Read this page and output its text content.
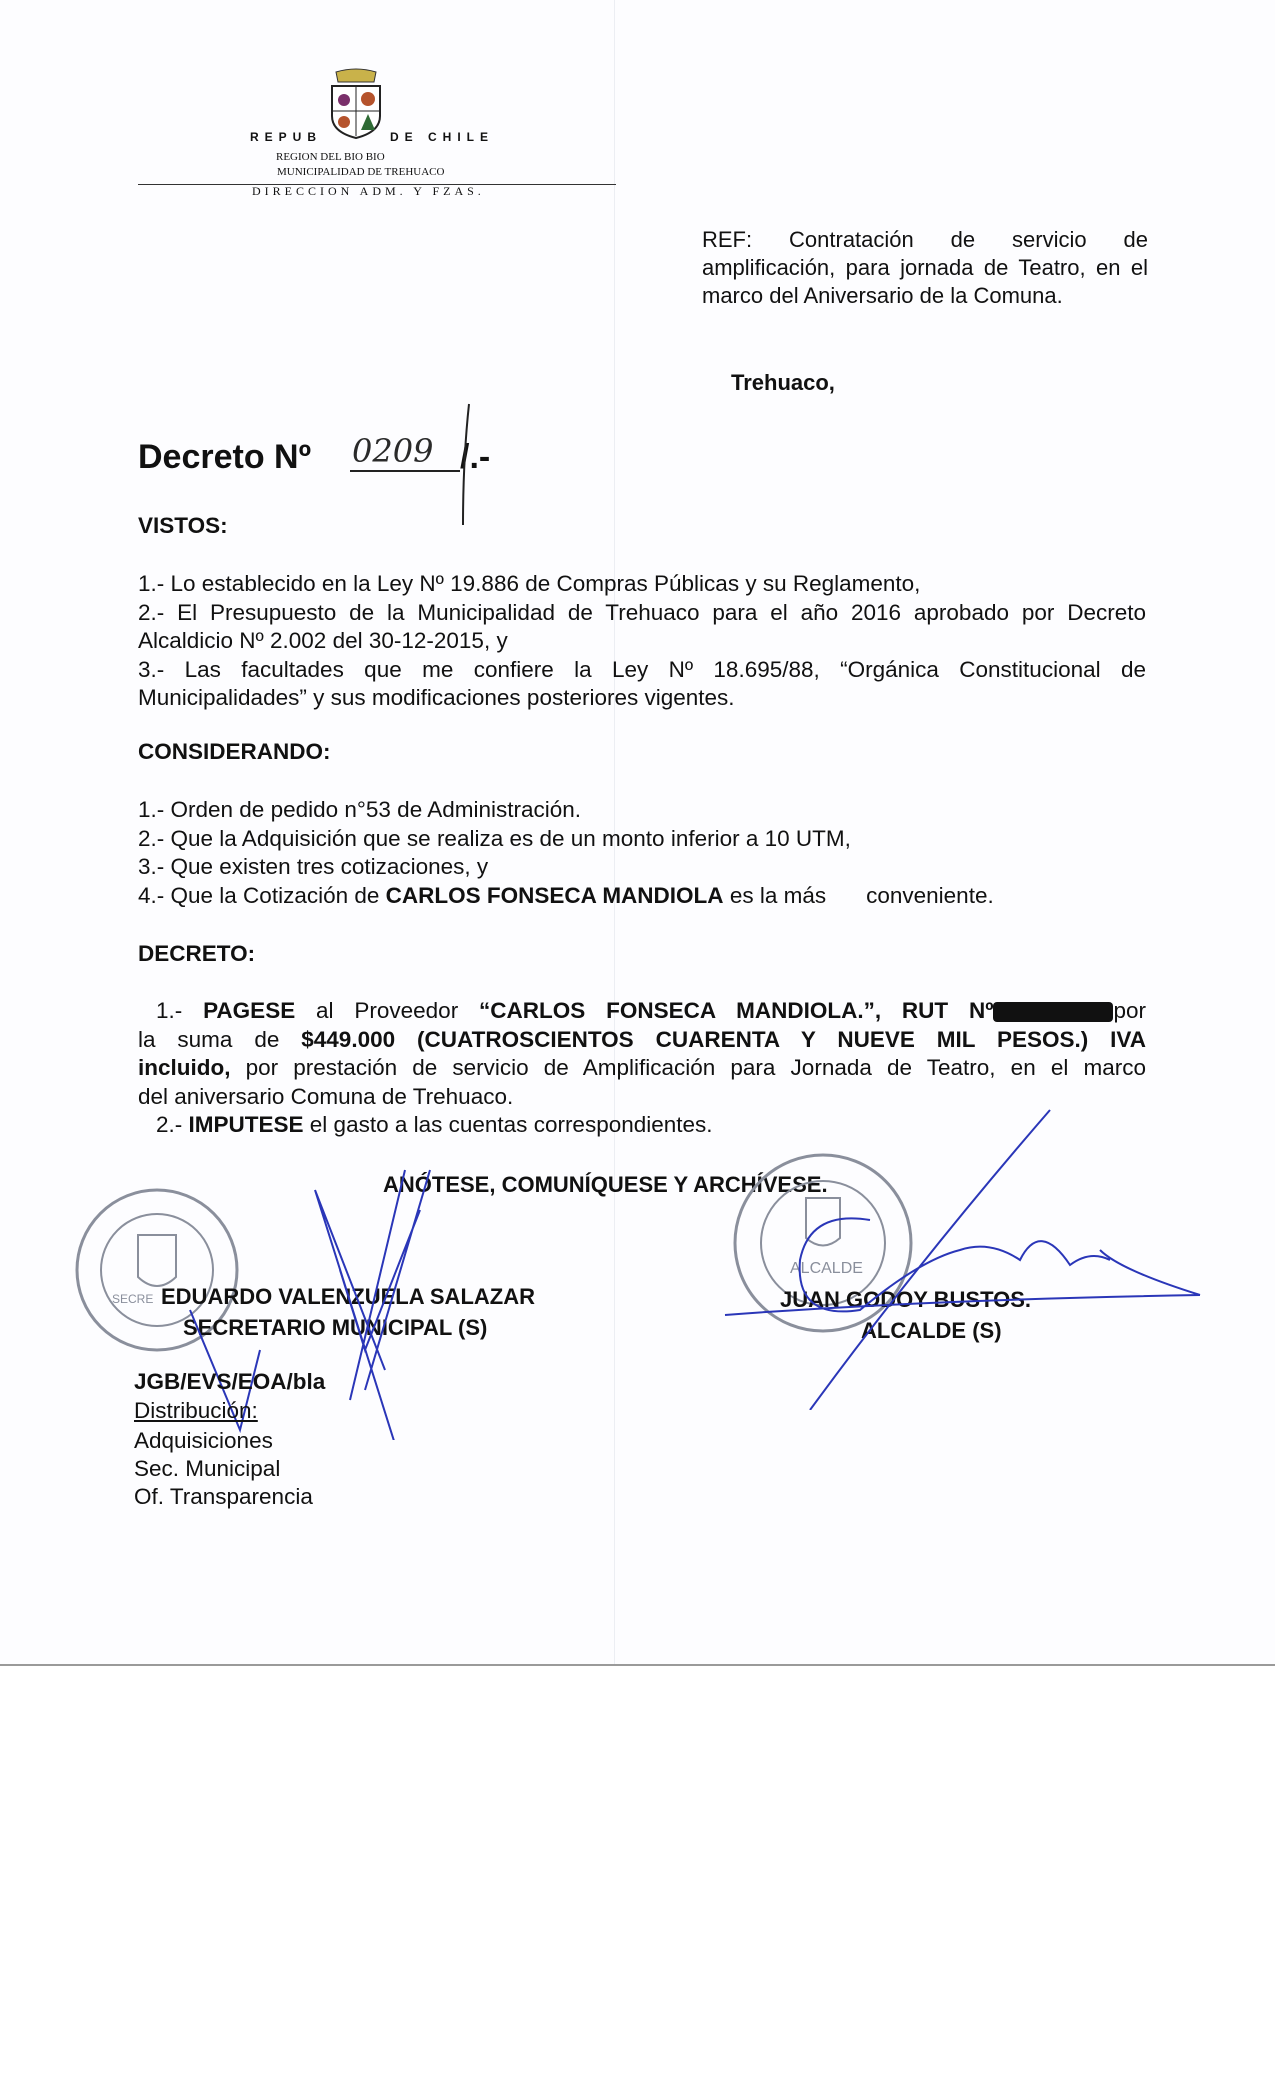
REPUB	DE CHILE
REGION DEL BIO BIO
MUNICIPALIDAD DE TREHUACO
DIRECCION ADM. Y FZAS.
REF: Contratación de servicio de amplificación, para jornada de Teatro, en el marco del Aniversario de la Comuna.
Trehuaco,
Decreto Nº 0209 /.-
VISTOS:
1.- Lo establecido en la Ley Nº 19.886 de Compras Públicas y su Reglamento,
2.- El Presupuesto de la Municipalidad de Trehuaco para el año 2016 aprobado por Decreto
Alcaldicio Nº 2.002 del 30-12-2015, y
3.- Las facultades que me confiere la Ley Nº 18.695/88, “Orgánica Constitucional de
Municipalidades” y sus modificaciones posteriores vigentes.
CONSIDERANDO:
1.- Orden de pedido n°53 de Administración.
2.- Que la Adquisición que se realiza es de un monto inferior a 10 UTM,
3.- Que existen tres cotizaciones, y
4.- Que la Cotización de CARLOS FONSECA MANDIOLA es la más conveniente.
DECRETO:
1.- PAGESE al Proveedor “CARLOS FONSECA MANDIOLA.”, RUT Nº	por
la suma de $449.000 (CUATROSCIENTOS CUARENTA Y NUEVE MIL PESOS.) IVA
incluido, por prestación de servicio de Amplificación para Jornada de Teatro, en el marco
del aniversario Comuna de Trehuaco.
2.- IMPUTESE el gasto a las cuentas correspondientes.
ANÓTESE, COMUNÍQUESE Y ARCHÍVESE.
SECRE
ALCALDE
EDUARDO VALENZUELA SALAZAR
SECRETARIO MUNICIPAL (S)
JUAN GODOY BUSTOS.
ALCALDE (S)
JGB/EVS/EOA/bla
Distribución:
Adquisiciones
Sec. Municipal
Of. Transparencia
